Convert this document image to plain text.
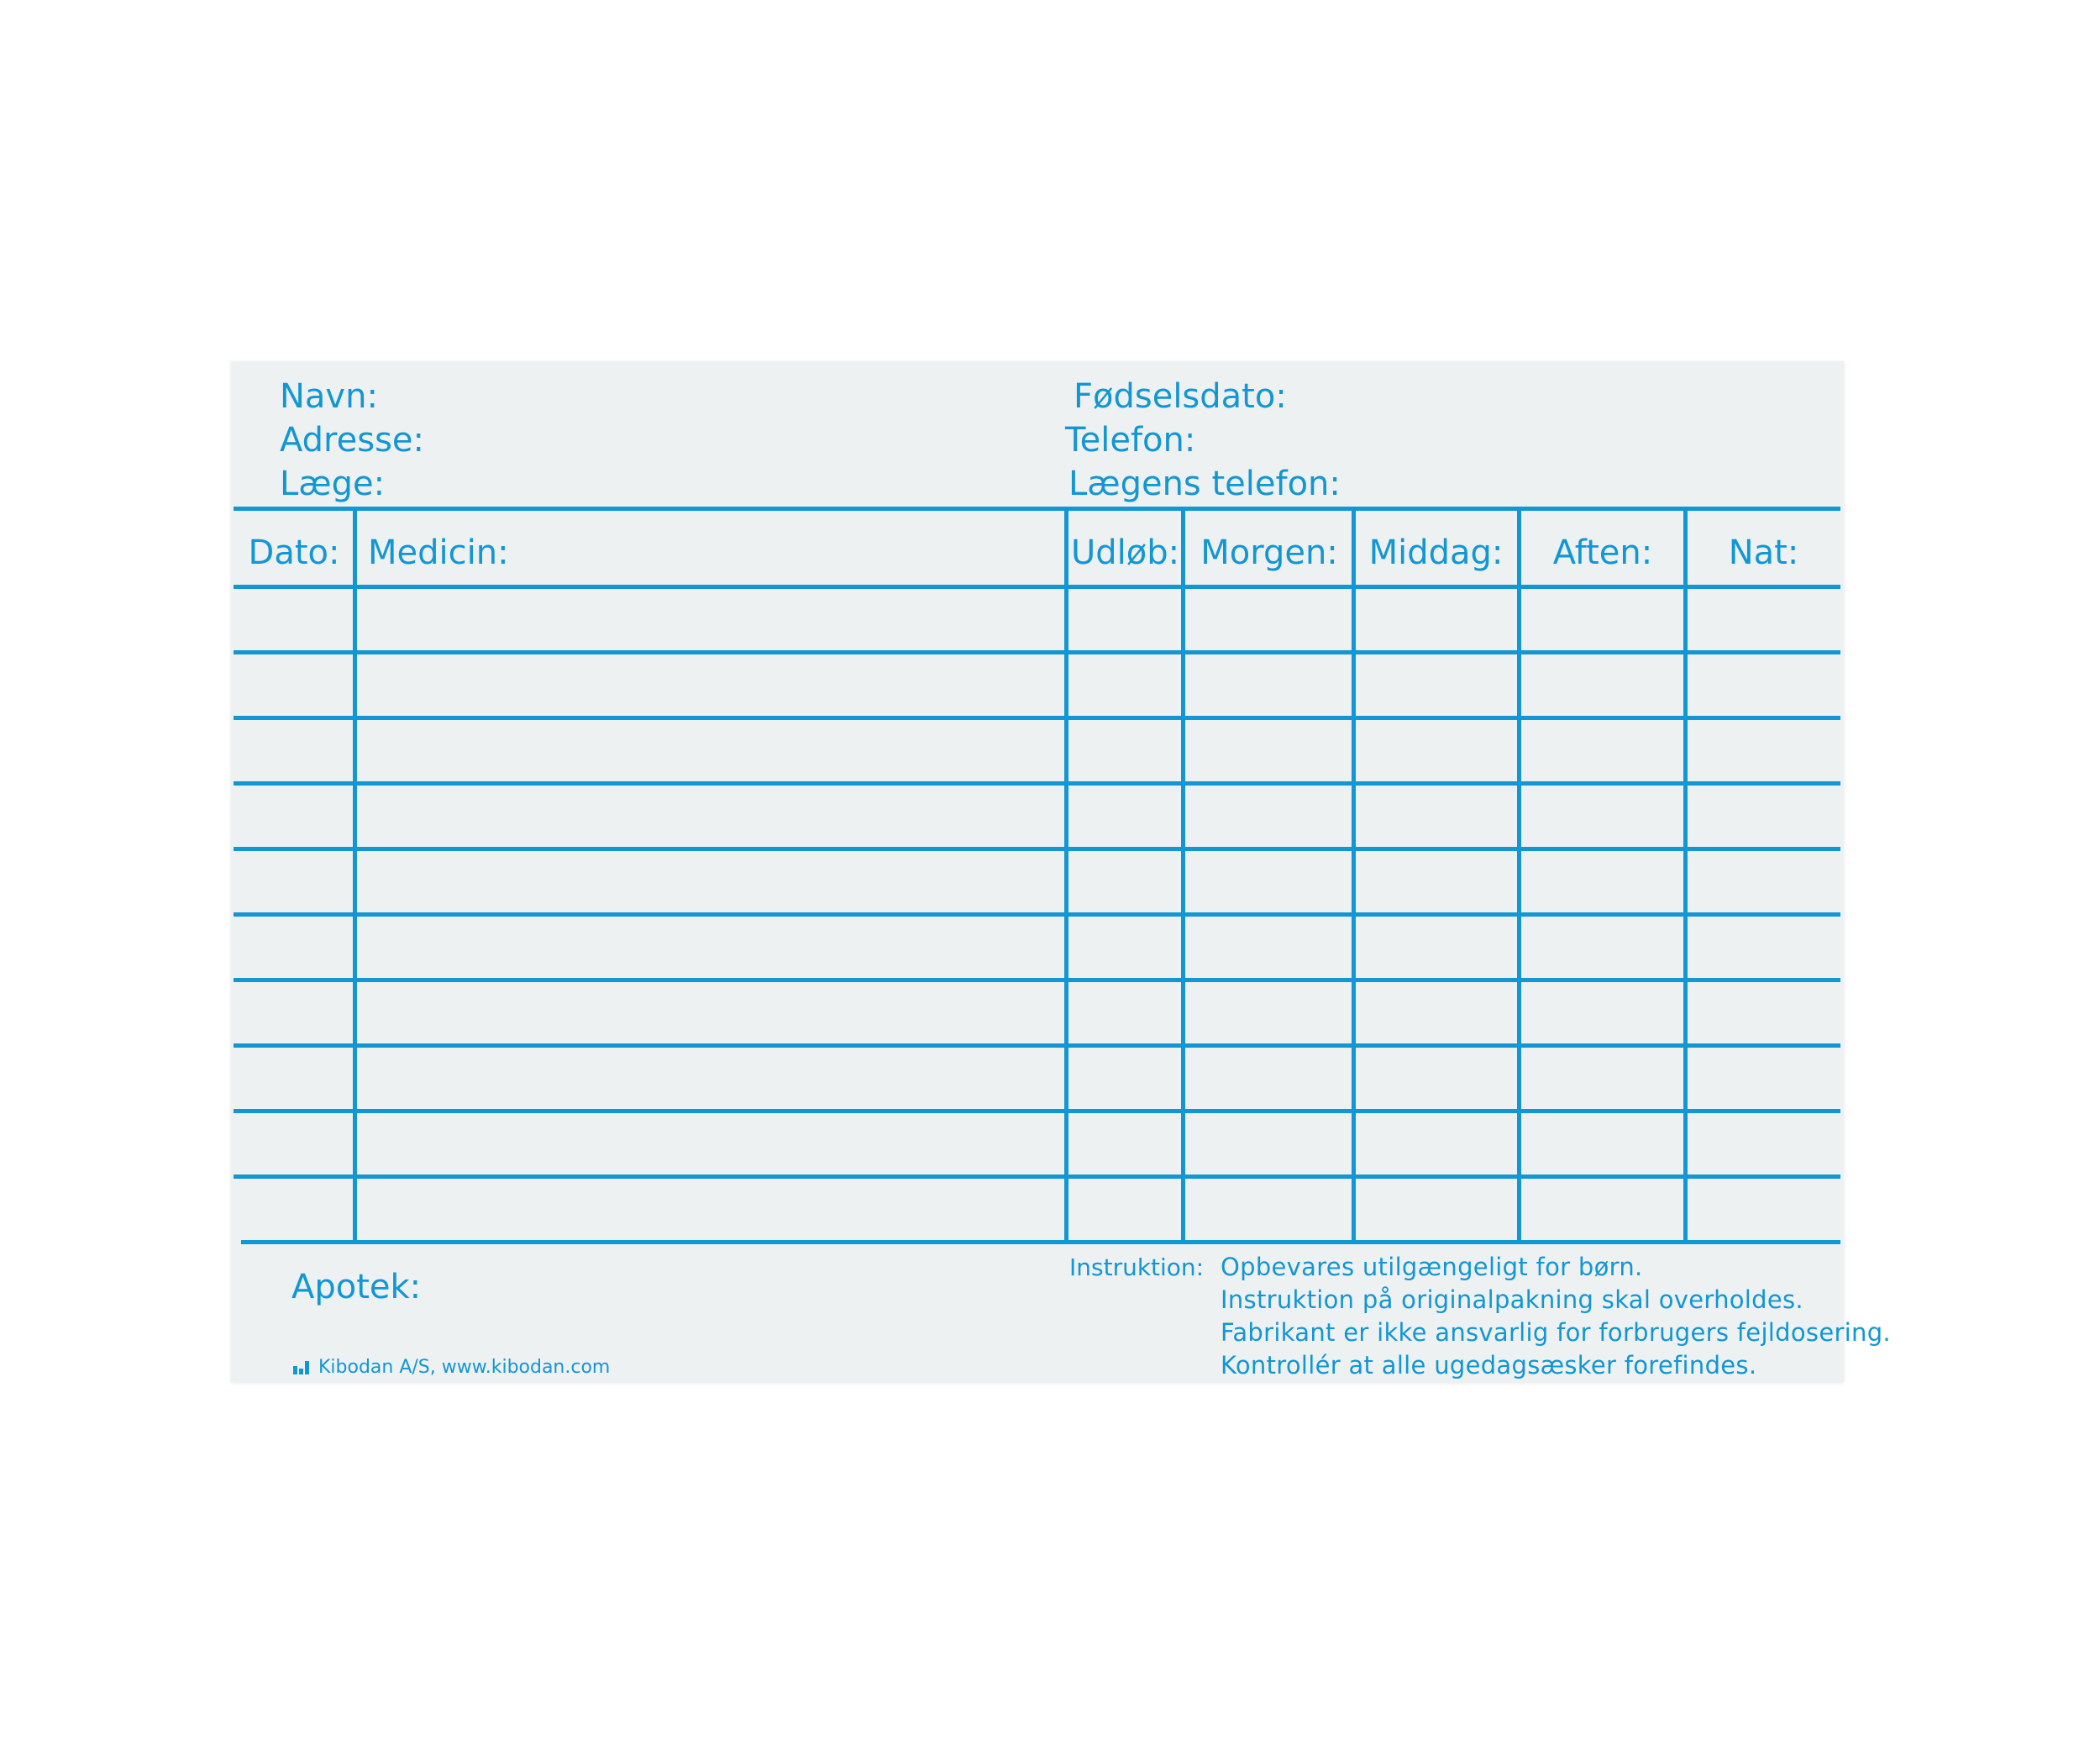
Navn:
Adresse:
Læge:
Fødselsdato:
Telefon:
Lægens telefon:
Dato: Medicin:	Udløb: Morgen: Middag:	Aften:	Nat:
Apotek:
Instruktion: Opbevares utilgængeligt for børn.
Instruktion på originalpakning skal overholdes.
Fabrikant er ikke ansvarlig for forbrugers fejldosering.
Kontrollér at alle ugedagsæsker forefindes.
Kibodan A/S, www.kibodan.com
